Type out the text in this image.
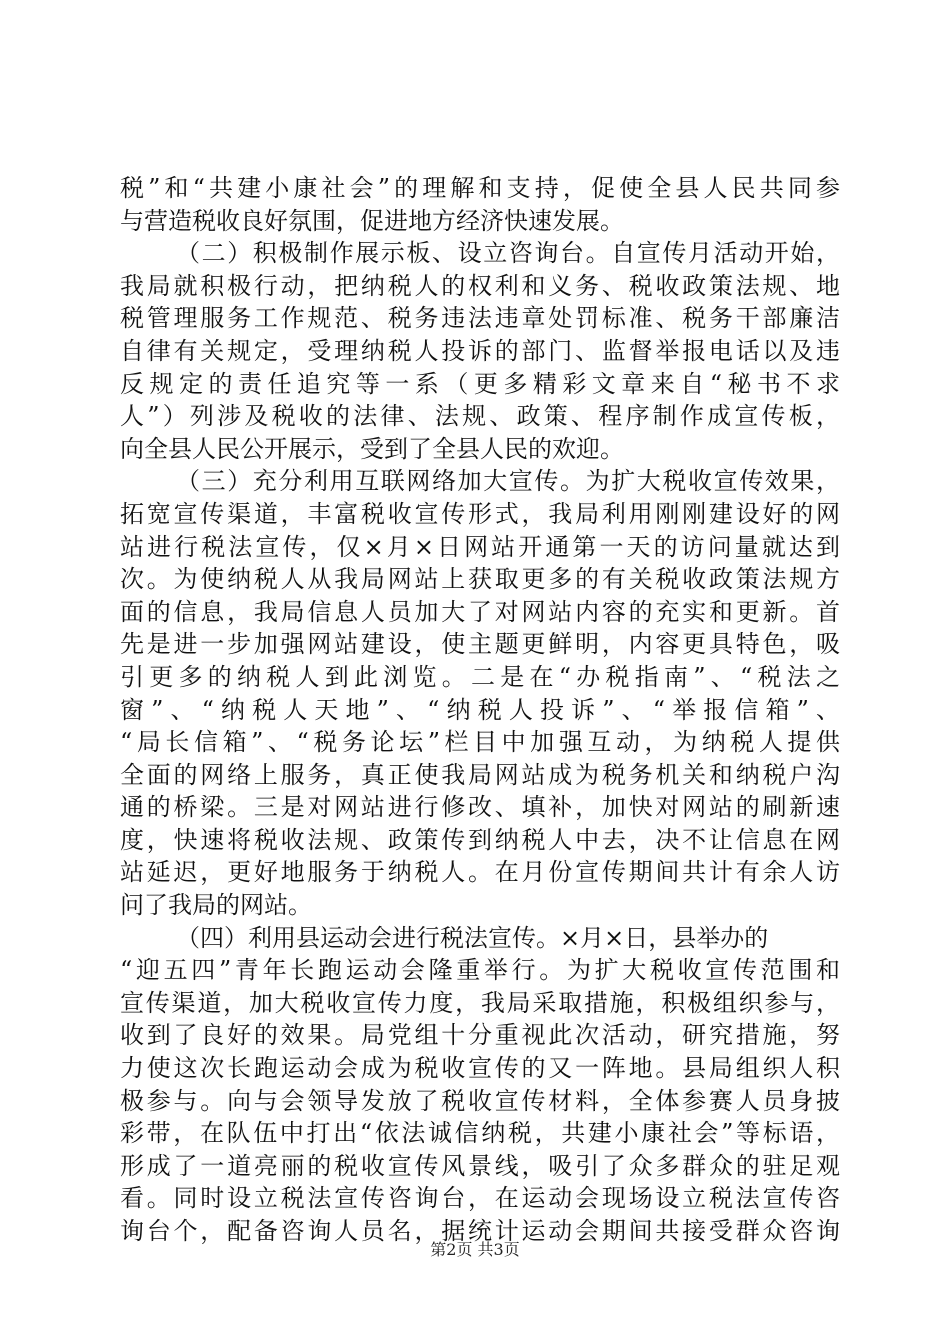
税”和“共建小康社会”的理解和支持，促使全县人民共同参
与营造税收良好氛围，促进地方经济快速发展。
（二）积极制作展示板、设立咨询台。自宣传月活动开始，
我局就积极行动，把纳税人的权利和义务、税收政策法规、地
税管理服务工作规范、税务违法违章处罚标准、税务干部廉洁
自律有关规定，受理纳税人投诉的部门、监督举报电话以及违
反规定的责任追究等一系（更多精彩文章来自“秘书不求
人”）列涉及税收的法律、法规、政策、程序制作成宣传板，
向全县人民公开展示，受到了全县人民的欢迎。
（三）充分利用互联网络加大宣传。为扩大税收宣传效果，
拓宽宣传渠道，丰富税收宣传形式，我局利用刚刚建设好的网
站进行税法宣传，仅×月×日网站开通第一天的访问量就达到
次。为使纳税人从我局网站上获取更多的有关税收政策法规方
面的信息，我局信息人员加大了对网站内容的充实和更新。首
先是进一步加强网站建设，使主题更鲜明，内容更具特色，吸
引更多的纳税人到此浏览。二是在“办税指南”、“税法之
窗”、“纳税人天地”、“纳税人投诉”、“举报信箱”、
“局长信箱”、“税务论坛”栏目中加强互动，为纳税人提供
全面的网络上服务，真正使我局网站成为税务机关和纳税户沟
通的桥梁。三是对网站进行修改、填补，加快对网站的刷新速
度，快速将税收法规、政策传到纳税人中去，决不让信息在网
站延迟，更好地服务于纳税人。在月份宣传期间共计有余人访
问了我局的网站。
（四）利用县运动会进行税法宣传。×月×日，县举办的
“迎五四”青年长跑运动会隆重举行。为扩大税收宣传范围和
宣传渠道，加大税收宣传力度，我局采取措施，积极组织参与，
收到了良好的效果。局党组十分重视此次活动，研究措施，努
力使这次长跑运动会成为税收宣传的又一阵地。县局组织人积
极参与。向与会领导发放了税收宣传材料，全体参赛人员身披
彩带，在队伍中打出“依法诚信纳税，共建小康社会”等标语，
形成了一道亮丽的税收宣传风景线，吸引了众多群众的驻足观
看。同时设立税法宣传咨询台，在运动会现场设立税法宣传咨
询台个，配备咨询人员名，据统计运动会期间共接受群众咨询
第2页 共3页
